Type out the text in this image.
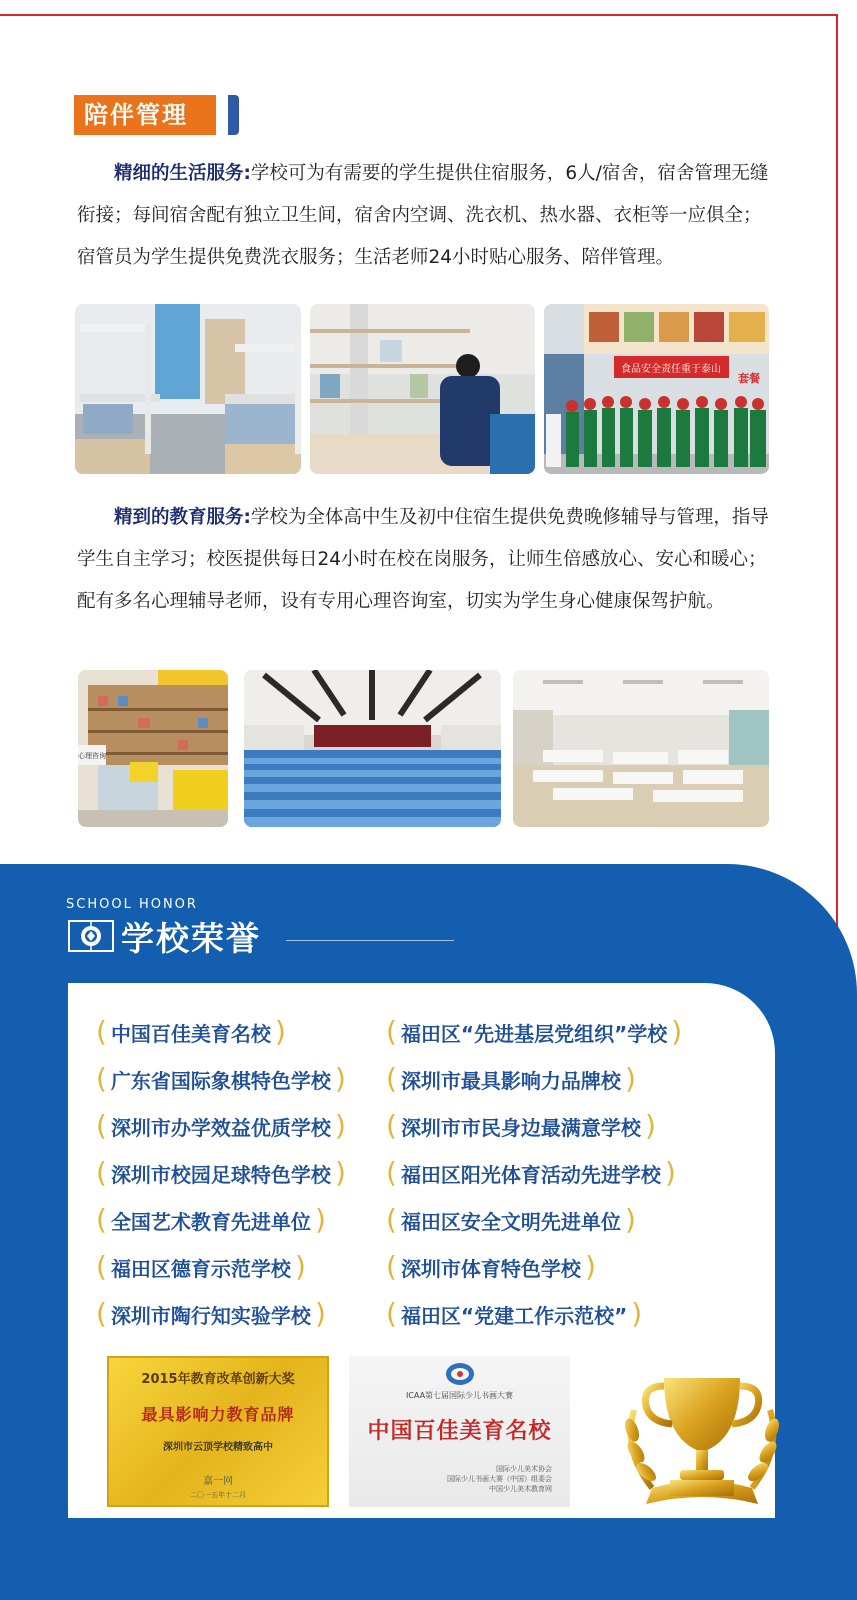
陪伴管理

精细的生活服务:学校可为有需要的学生提供住宿服务，6人/宿舍，宿舍管理无缝衔接；每间宿舍配有独立卫生间，宿舍内空调、洗衣机、热水器、衣柜等一应俱全；宿管员为学生提供免费洗衣服务；生活老师24小时贴心服务、陪伴管理。

食品安全责任重于泰山
套餐

精到的教育服务:学校为全体高中生及初中住宿生提供免费晚修辅导与管理，指导学生自主学习；校医提供每日24小时在校在岗服务，让师生倍感放心、安心和暖心；配有多名心理辅导老师，设有专用心理咨询室，切实为学生身心健康保驾护航。

心理咨询
SCHOOL HONOR
学校荣誉
( 中国百佳美育名校 )
( 广东省国际象棋特色学校 )
( 深圳市办学效益优质学校 )
( 深圳市校园足球特色学校 )
( 全国艺术教育先进单位 )
( 福田区德育示范学校 )
( 深圳市陶行知实验学校 )
( 福田区“先进基层党组织”学校 )
( 深圳市最具影响力品牌校 )
( 深圳市市民身边最满意学校 )
( 福田区阳光体育活动先进学校 )
( 福田区安全文明先进单位 )
( 深圳市体育特色学校 )
( 福田区“党建工作示范校” )
2015年教育改革创新大奖
最具影响力教育品牌
深圳市云顶学校精致高中
嘉一网
二〇一五年十二月
ICAA第七届国际少儿书画大赛
中国百佳美育名校
国际少儿美术协会
国际少儿书画大赛（中国）组委会
中国少儿美术教育网
